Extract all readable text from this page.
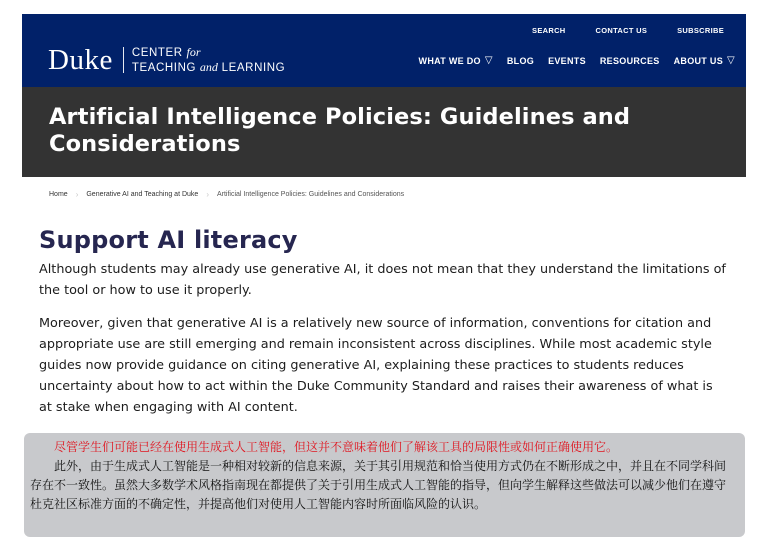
Duke CENTER for
TEACHING and LEARNING
SEARCH	CONTACT US	SUBSCRIBE
WHAT WE DO ▽ BLOG EVENTS RESOURCES ABOUT US ▽
Artificial Intelligence Policies: Guidelines and Considerations
Home › Generative AI and Teaching at Duke › Artificial Intelligence Policies: Guidelines and Considerations
Support AI literacy

Although students may already use generative AI, it does not mean that they understand the limitations of the tool or how to use it properly.

Moreover, given that generative AI is a relatively new source of information, conventions for citation and appropriate use are still emerging and remain inconsistent across disciplines. While most academic style guides now provide guidance on citing generative AI, explaining these practices to students reduces uncertainty about how to act within the Duke Community Standard and raises their awareness of what is at stake when engaging with AI content.

尽管学生们可能已经在使用生成式人工智能，但这并不意味着他们了解该工具的局限性或如何正确使用它。
此外，由于生成式人工智能是一种相对较新的信息来源，关于其引用规范和恰当使用方式仍在不断形成之中，并且在不同学科间存在不一致性。虽然大多数学术风格指南现在都提供了关于引用生成式人工智能的指导，但向学生解释这些做法可以减少他们在遵守杜克社区标准方面的不确定性，并提高他们对使用人工智能内容时所面临风险的认识。
